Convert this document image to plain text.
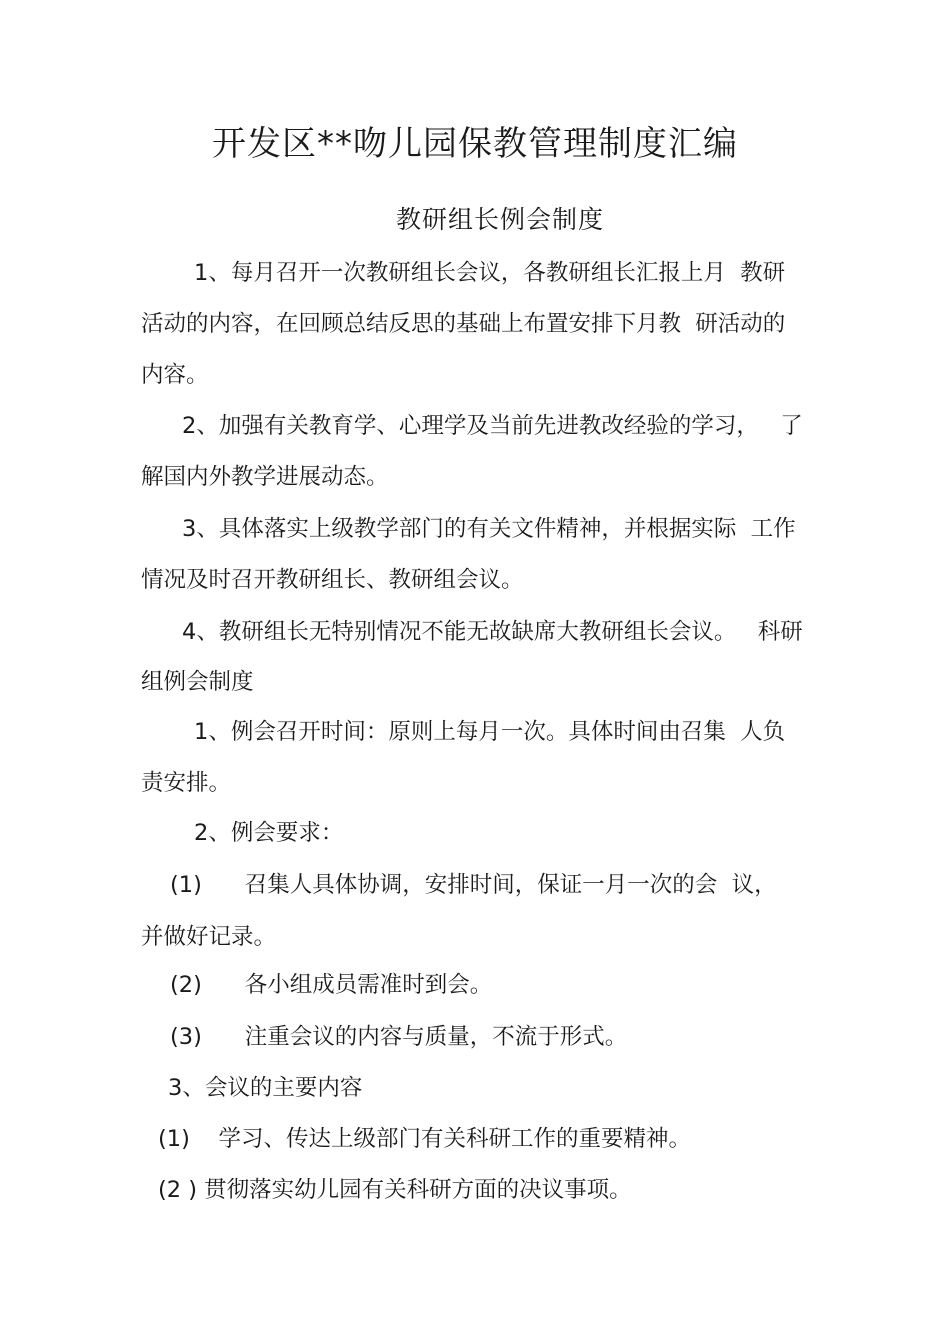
开发区**吻儿园保教管理制度汇编
教研组长例会制度
1、每月召开一次教研组长会议，各教研组长汇报上月  教研
活动的内容，在回顾总结反思的基础上布置安排下月教  研活动的
内容。
2、加强有关教育学、心理学及当前先进教改经验的学习，   了
解国内外教学进展动态。
3、具体落实上级教学部门的有关文件精神，并根据实际  工作
情况及时召开教研组长、教研组会议。
4、教研组长无特别情况不能无故缺席大教研组长会议。   科研
组例会制度
1、例会召开时间：原则上每月一次。具体时间由召集  人负
责安排。
2、例会要求：
(1)      召集人具体协调，安排时间，保证一月一次的会  议，
并做好记录。
(2)      各小组成员需准时到会。
(3)      注重会议的内容与质量，不流于形式。
3、会议的主要内容
(1)    学习、传达上级部门有关科研工作的重要精神。
(2 ) 贯彻落实幼儿园有关科研方面的决议事项。
